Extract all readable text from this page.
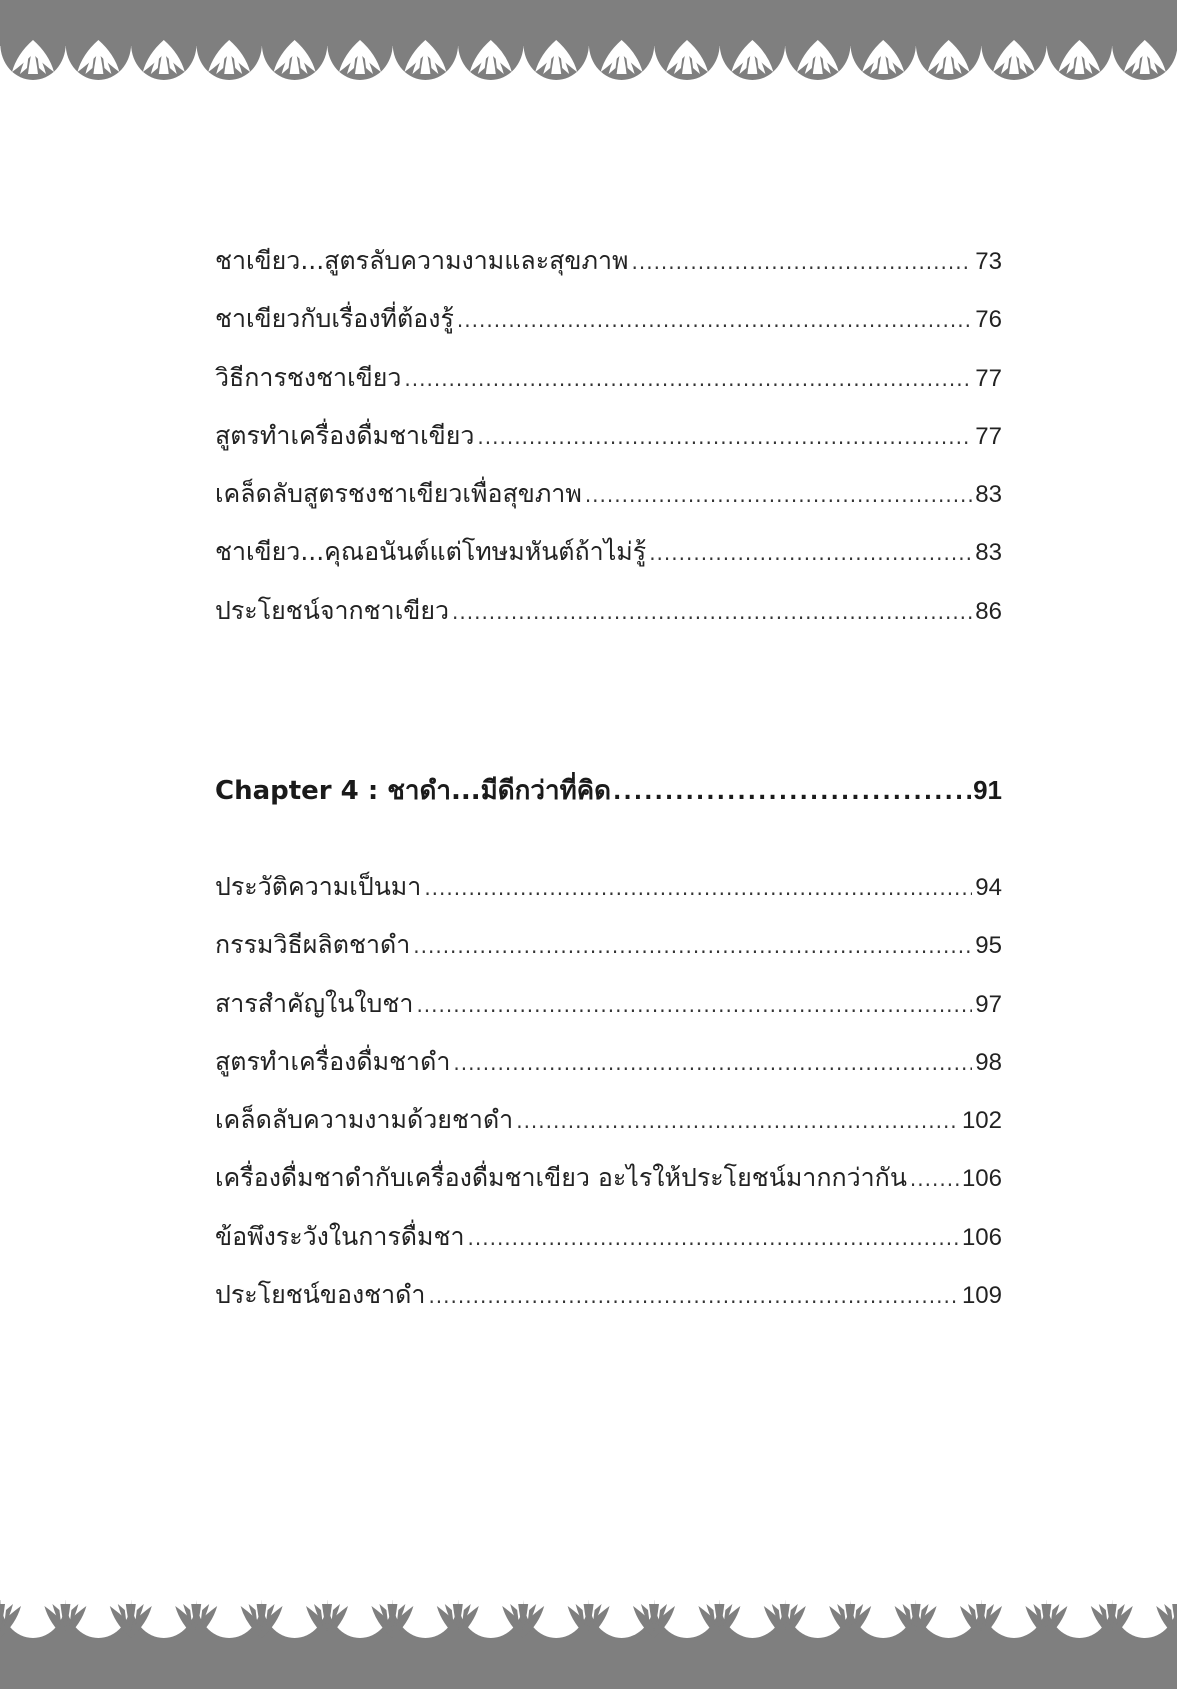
ชาเขียว...สูตรลับความงามและสุขภาพ .....	73
ชาเขียวกับเรื่องที่ต้องรู้ .....	76
วิธีการชงชาเขียว .....	77
สูตรทำเครื่องดื่มชาเขียว .....	77
เคล็ดลับสูตรชงชาเขียวเพื่อสุขภาพ .....	83
ชาเขียว...คุณอนันต์แต่โทษมหันต์ถ้าไม่รู้ .....	83
ประโยชน์จากชาเขียว .....	86
Chapter 4 : ชาดำ...มีดีกว่าที่คิด .....	91
ประวัติความเป็นมา .....	94
กรรมวิธีผลิตชาดำ .....	95
สารสำคัญในใบชา .....	97
สูตรทำเครื่องดื่มชาดำ .....	98
เคล็ดลับความงามด้วยชาดำ .....	102
เครื่องดื่มชาดำกับเครื่องดื่มชาเขียว อะไรให้ประโยชน์มากกว่ากัน ..... 106
ข้อพึงระวังในการดื่มชา .....	106
ประโยชน์ของชาดำ .....	109
